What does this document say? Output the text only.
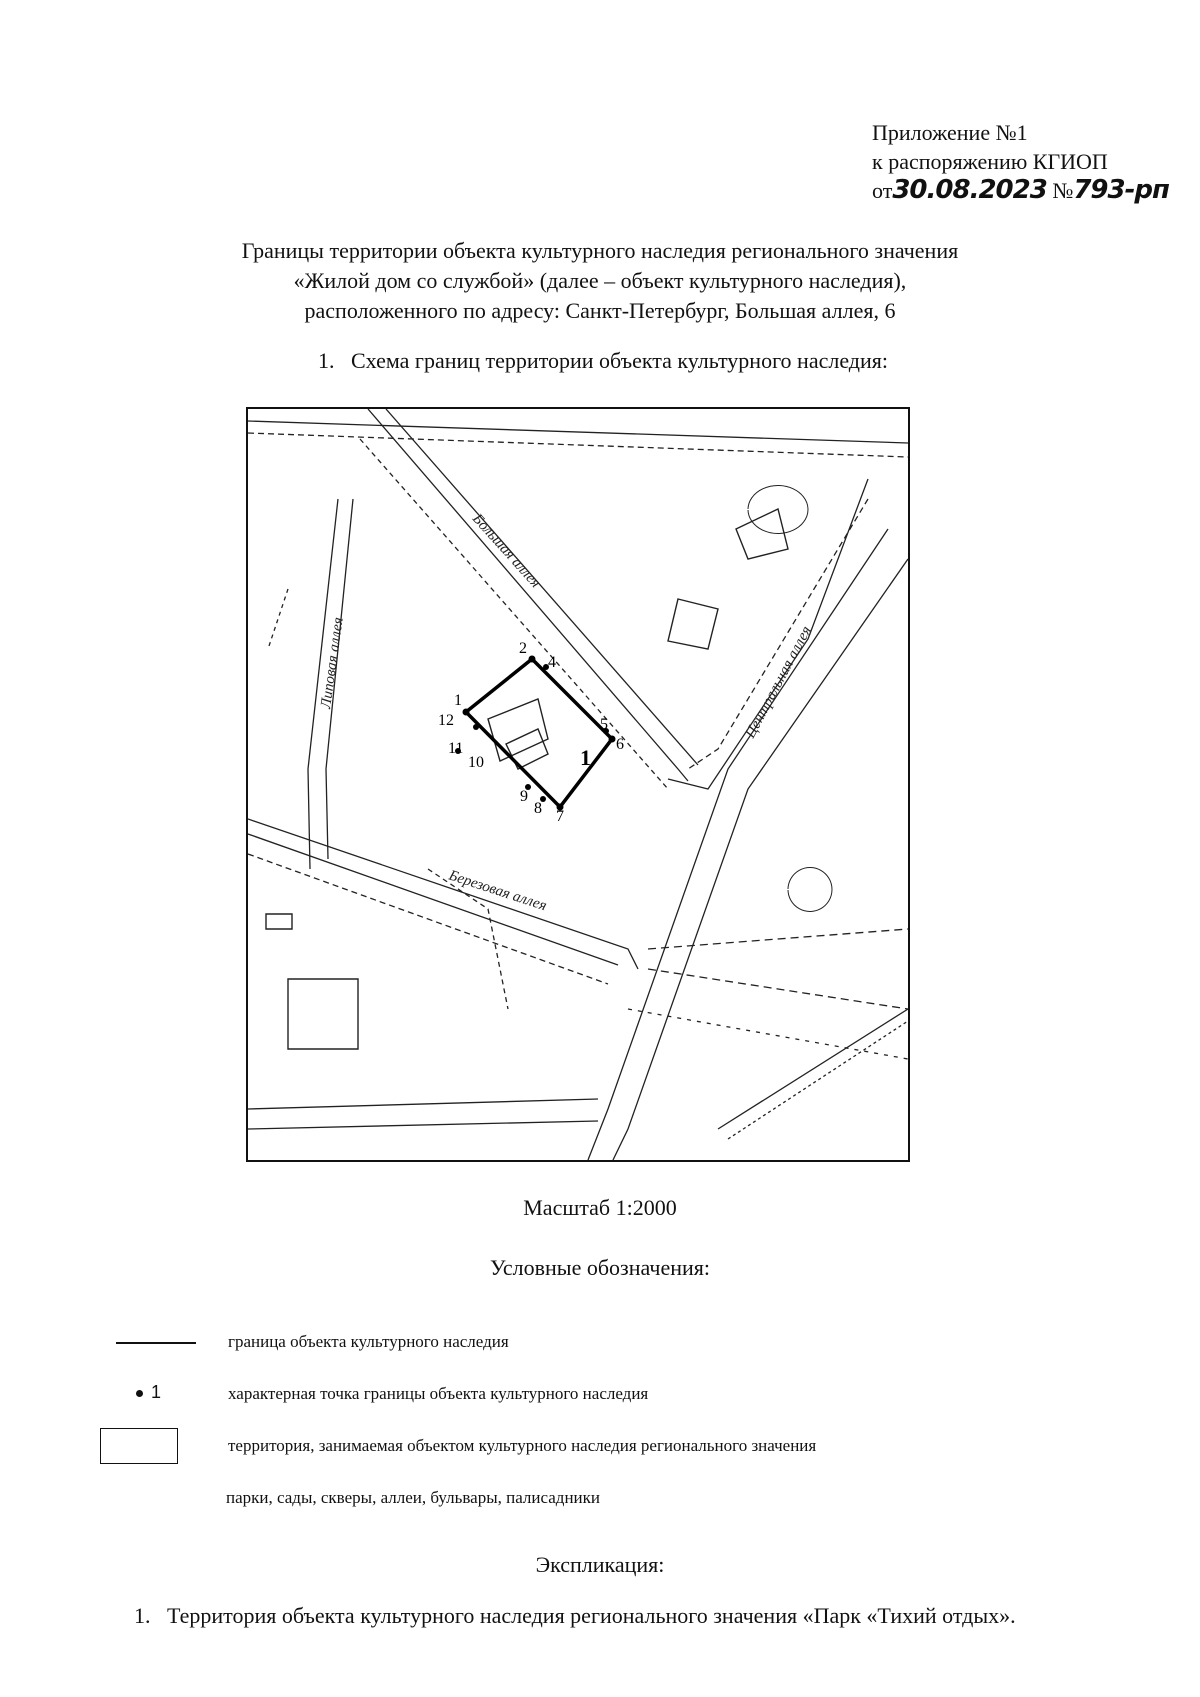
Приложение №1
к распоряжению КГИОП
от30.08.2023 №793-рп
Границы территории объекта культурного наследия регионального значения
«Жилой дом со службой» (далее – объект культурного наследия),
расположенного по адресу: Санкт-Петербург, Большая аллея, 6
1. Схема границ территории объекта культурного наследия:
1
2
4
5
6
7
8
9
10
11
12
1
Большая аллея
Центральная аллея
Липовая аллея
Березовая аллея
Масштаб 1:2000
Условные обозначения:
граница объекта культурного наследия
1	характерная точка границы объекта культурного наследия
территория, занимаемая объектом культурного наследия регионального значения
парки, сады, скверы, аллеи, бульвары, палисадники
Экспликация:
1. Территория объекта культурного наследия регионального значения «Парк «Тихий отдых».
